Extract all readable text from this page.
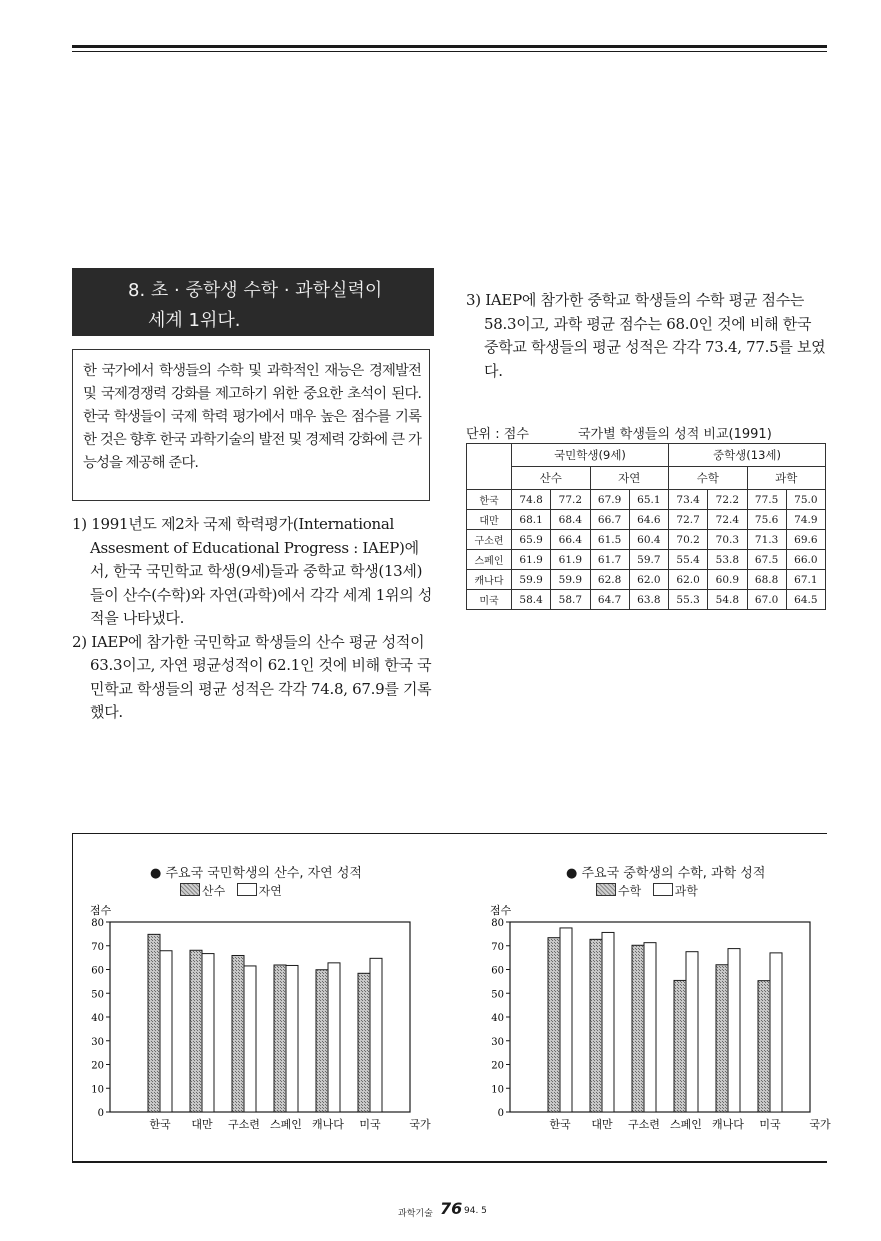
8. 초 · 중학생 수학 · 과학실력이
세계 1위다.
한 국가에서 학생들의 수학 및 과학적인 재능은 경제발전 및 국제경쟁력 강화를 제고하기 위한 중요한 초석이 된다. 한국 학생들이 국제 학력 평가에서 매우 높은 점수를 기록한 것은 향후 한국 과학기술의 발전 및 경제력 강화에 큰 가능성을 제공해 준다.

1) 1991년도 제2차 국제 학력평가(International Assesment of Educational Progress : IAEP)에서, 한국 국민학교 학생(9세)들과 중학교 학생(13세)들이 산수(수학)와 자연(과학)에서 각각 세계 1위의 성적을 나타냈다.

2) IAEP에 참가한 국민학교 학생들의 산수 평균 성적이 63.3이고, 자연 평균성적이 62.1인 것에 비해 한국 국민학교 학생들의 평균 성적은 각각 74.8, 67.9를 기록했다.

3) IAEP에 참가한 중학교 학생들의 수학 평균 점수는 58.3이고, 과학 평균 점수는 68.0인 것에 비해 한국 중학교 학생들의 평균 성적은 각각 73.4, 77.5를 보였다.

단위 : 점수	국가별 학생들의 성적 비교(1991)
	국민학생(9세)				중학생(13세)			
	산수		자연		수학		과학	
한국	74.8	77.2	67.9	65.1	73.4	72.2	77.5	75.0
대만	68.1	68.4	66.7	64.6	72.7	72.4	75.6	74.9
구소련	65.9	66.4	61.5	60.4	70.2	70.3	71.3	69.6
스페인	61.9	61.9	61.7	59.7	55.4	53.8	67.5	66.0
캐나다	59.9	59.9	62.8	62.0	62.0	60.9	68.8	67.1
미국	58.4	58.7	64.7	63.8	55.3	54.8	67.0	64.5
● 주요국 국민학생의 산수, 자연 성적
산수	자연
● 주요국 중학생의 수학, 과학 성적
수학	과학
점수
0
10
20
30
40
50
60
70
80
한국 대만 구소련 스페인 캐나다 미국	국가
점수
0
10
20
30
40
50
60
70
80
한국 대만 구소련 스페인 캐나다 미국	국가
과학기술 76 94. 5
